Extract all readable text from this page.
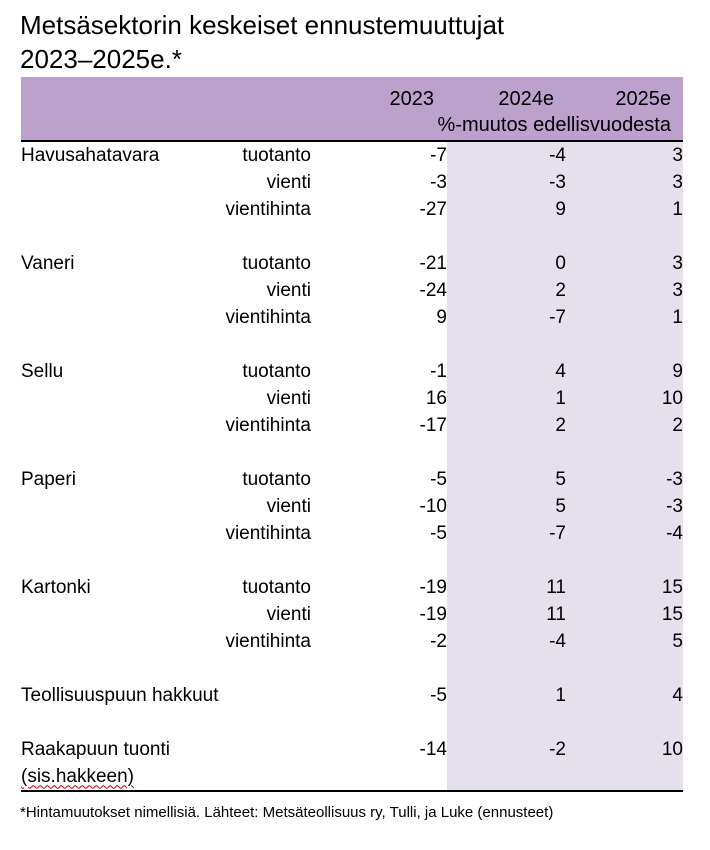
Metsäsektorin keskeiset ennustemuuttujat
2023–2025e.*
2023	2024e	2025e
%-muutos edellisvuodesta
Havusahatavara	tuotanto	-7	-4	3
	vienti	-3	-3	3
	vientihinta	-27	9	1

Vaneri	tuotanto	-21	0	3
	vienti	-24	2	3
	vientihinta	9	-7	1

Sellu	tuotanto	-1	4	9
	vienti	16	1	10
	vientihinta	-17	2	2

Paperi	tuotanto	-5	5	-3
	vienti	-10	5	-3
	vientihinta	-5	-7	-4

Kartonki	tuotanto	-19	11	15
	vienti	-19	11	15
	vientihinta	-2	-4	5

Teollisuuspuun hakkuut		-5	1	4

Raakapuun tuonti		-14	-2	10
(sis.hakkeen)				

*Hintamuutokset nimellisiä. Lähteet: Metsäteollisuus ry, Tulli, ja Luke (ennusteet)
